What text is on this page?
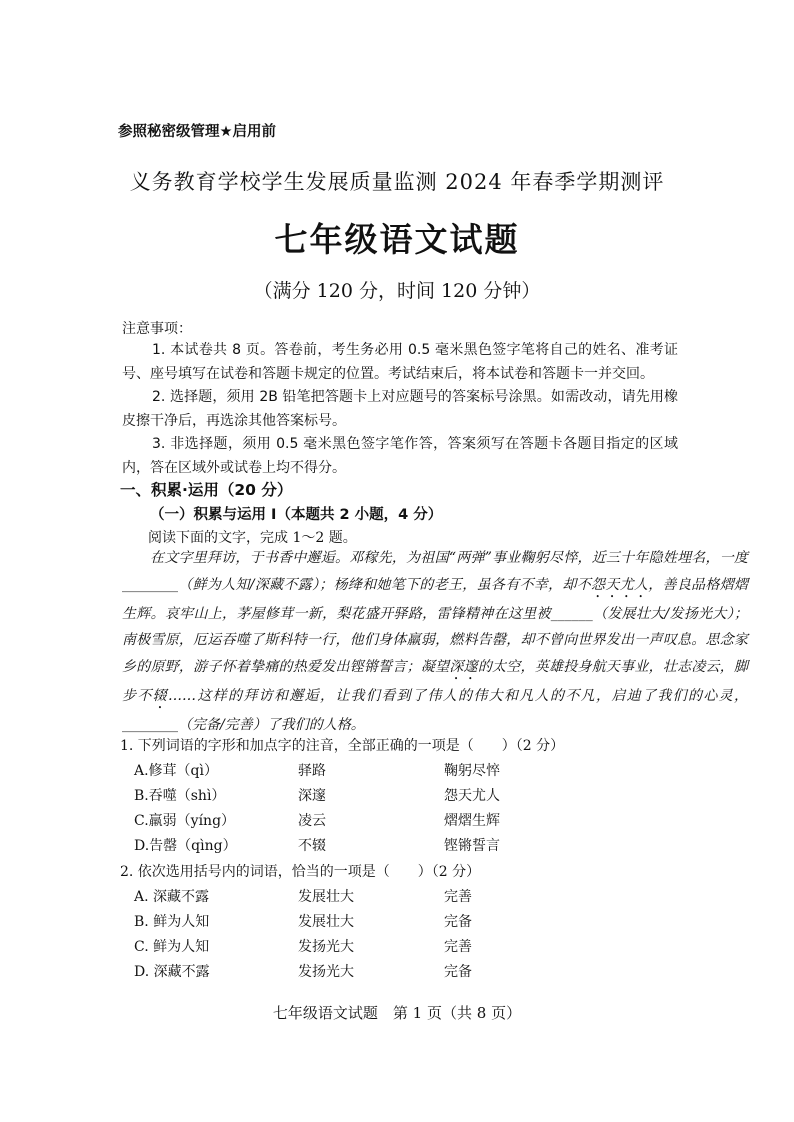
参照秘密级管理★启用前
义务教育学校学生发展质量监测 2024 年春季学期测评
七年级语文试题
（满分 120 分，时间 120 分钟）
注意事项：
1. 本试卷共 8 页。答卷前，考生务必用 0.5 毫米黑色签字笔将自己的姓名、准考证号、座号填写在试卷和答题卡规定的位置。考试结束后，将本试卷和答题卡一并交回。
2. 选择题，须用 2B 铅笔把答题卡上对应题号的答案标号涂黑。如需改动，请先用橡皮擦干净后，再选涂其他答案标号。
3. 非选择题，须用 0.5 毫米黑色签字笔作答，答案须写在答题卡各题目指定的区域内，答在区域外或试卷上均不得分。
一、积累·运用（20 分）
（一）积累与运用 I（本题共 2 小题，4 分）
阅读下面的文字，完成 1～2 题。
在文字里拜访，于书香中邂逅。邓稼先，为祖国“两弹”事业鞠躬尽悴，近三十年隐姓埋名，一度________（鲜为人知/深藏不露）；杨绛和她笔下的老王，虽各有不幸，却不怨天尤人，善良品格熠熠生辉。哀牢山上，茅屋修茸一新，梨花盛开驿路，雷锋精神在这里被______（发展壮大/发扬光大）；南极雪原，厄运吞噬了斯科特一行，他们身体羸弱，燃料告罄，却不曾向世界发出一声叹息。思念家乡的原野，游子怀着挚痛的热爱发出铿锵誓言；凝望深邃的太空，英雄投身航天事业，壮志凌云，脚步不辍……这样的拜访和邂逅，让我们看到了伟人的伟大和凡人的不凡，启迪了我们的心灵，________（完备/完善）了我们的人格。
1. 下列词语的字形和加点字的注音，全部正确的一项是（　　）（2 分）
A.修茸（qì）	驿路	鞠躬尽悴
B.吞噬（shì）	深邃	怨天尤人
C.羸弱（yíng）	凌云	熠熠生辉
D.告罄（qìng）	不辍	铿锵誓言
2. 依次选用括号内的词语，恰当的一项是（　　）（2 分）
A. 深藏不露	发展壮大	完善
B. 鲜为人知	发展壮大	完备
C. 鲜为人知	发扬光大	完善
D. 深藏不露	发扬光大	完备
七年级语文试题　第 1 页（共 8 页）
